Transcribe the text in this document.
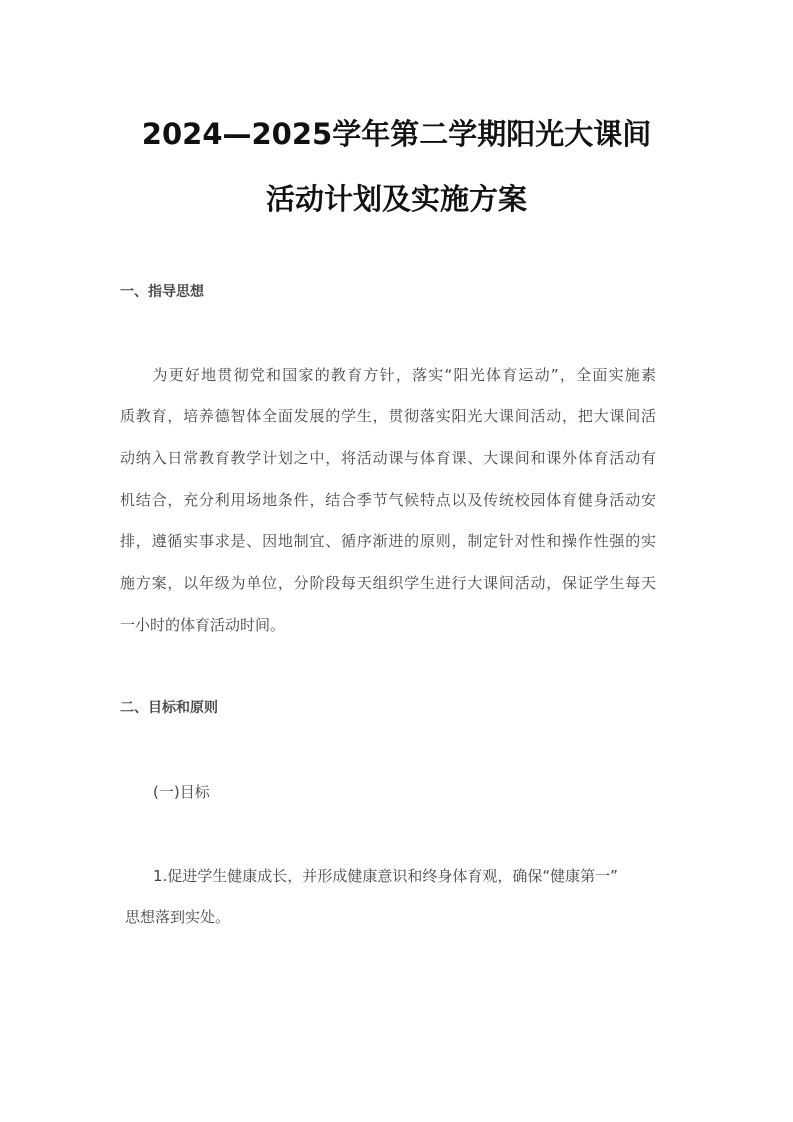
2024—2025学年第二学期阳光大课间
活动计划及实施方案
一、指导思想
　　为更好地贯彻党和国家的教育方针，落实“阳光体育运动”，全面实施素
质教育，培养德智体全面发展的学生，贯彻落实阳光大课间活动，把大课间活
动纳入日常教育教学计划之中，将活动课与体育课、大课间和课外体育活动有
机结合，充分利用场地条件，结合季节气候特点以及传统校园体育健身活动安
排，遵循实事求是、因地制宜、循序渐进的原则，制定针对性和操作性强的实
施方案，以年级为单位，分阶段每天组织学生进行大课间活动，保证学生每天
一小时的体育活动时间。
二、目标和原则
(一)目标
1.促进学生健康成长，并形成健康意识和终身体育观，确保“健康第一”
思想落到实处。
